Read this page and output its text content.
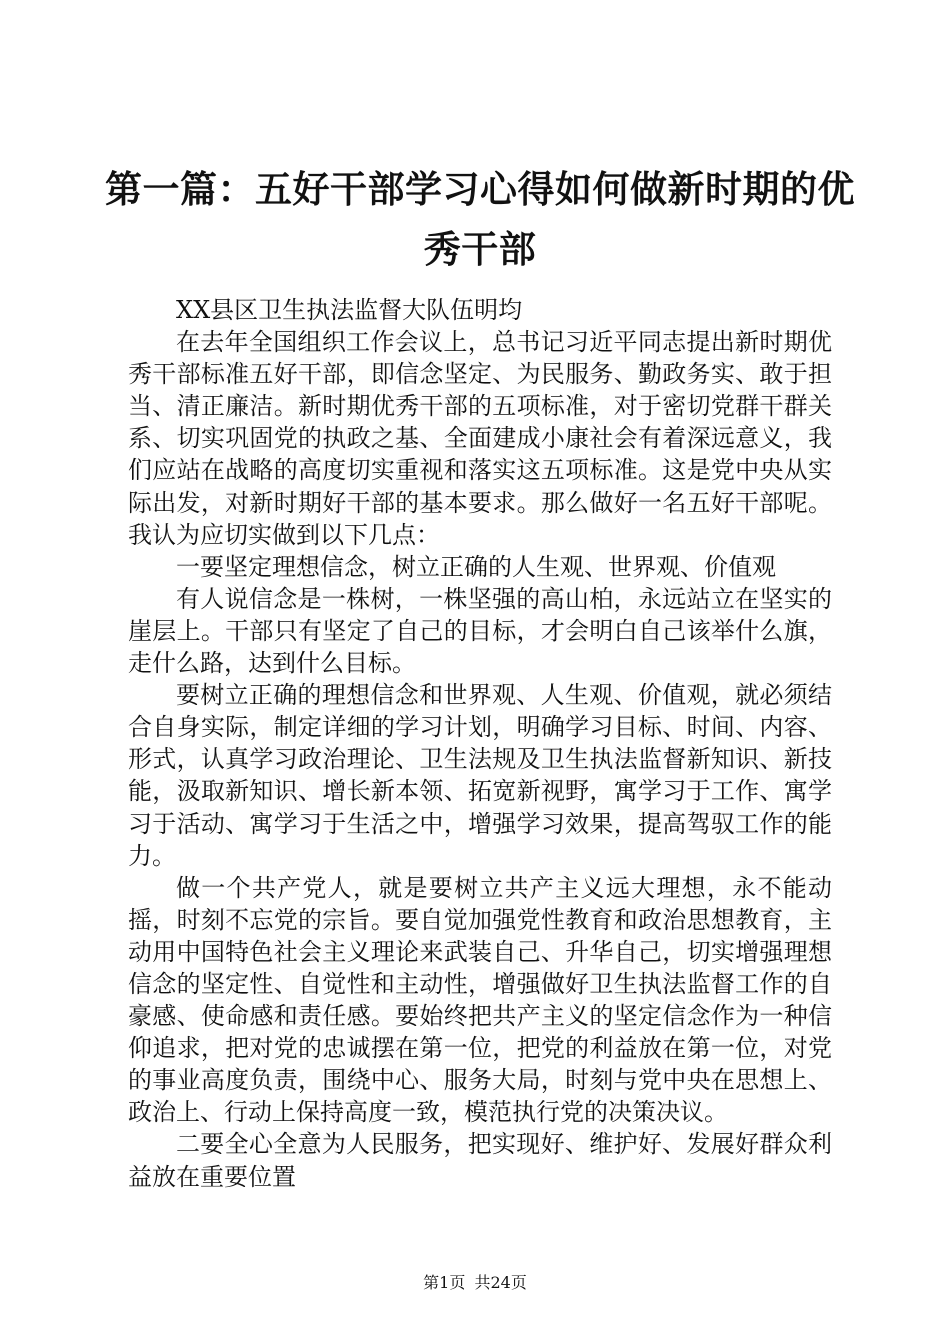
第一篇：五好干部学习心得如何做新时期的优秀干部

XX县区卫生执法监督大队伍明均

在去年全国组织工作会议上，总书记习近平同志提出新时期优秀干部标准五好干部，即信念坚定、为民服务、勤政务实、敢于担当、清正廉洁。新时期优秀干部的五项标准，对于密切党群干群关系、切实巩固党的执政之基、全面建成小康社会有着深远意义，我们应站在战略的高度切实重视和落实这五项标准。这是党中央从实际出发，对新时期好干部的基本要求。那么做好一名五好干部呢。我认为应切实做到以下几点：

一要坚定理想信念，树立正确的人生观、世界观、价值观

有人说信念是一株树，一株坚强的高山柏，永远站立在坚实的崖层上。干部只有坚定了自己的目标，才会明白自己该举什么旗，走什么路，达到什么目标。

要树立正确的理想信念和世界观、人生观、价值观，就必须结合自身实际，制定详细的学习计划，明确学习目标、时间、内容、形式，认真学习政治理论、卫生法规及卫生执法监督新知识、新技能，汲取新知识、增长新本领、拓宽新视野，寓学习于工作、寓学习于活动、寓学习于生活之中，增强学习效果，提高驾驭工作的能力。

做一个共产党人，就是要树立共产主义远大理想，永不能动摇，时刻不忘党的宗旨。要自觉加强党性教育和政治思想教育，主动用中国特色社会主义理论来武装自己、升华自己，切实增强理想信念的坚定性、自觉性和主动性，增强做好卫生执法监督工作的自豪感、使命感和责任感。要始终把共产主义的坚定信念作为一种信仰追求，把对党的忠诚摆在第一位，把党的利益放在第一位，对党的事业高度负责，围绕中心、服务大局，时刻与党中央在思想上、政治上、行动上保持高度一致，模范执行党的决策决议。

二要全心全意为人民服务，把实现好、维护好、发展好群众利益放在重要位置

第1页 共24页
